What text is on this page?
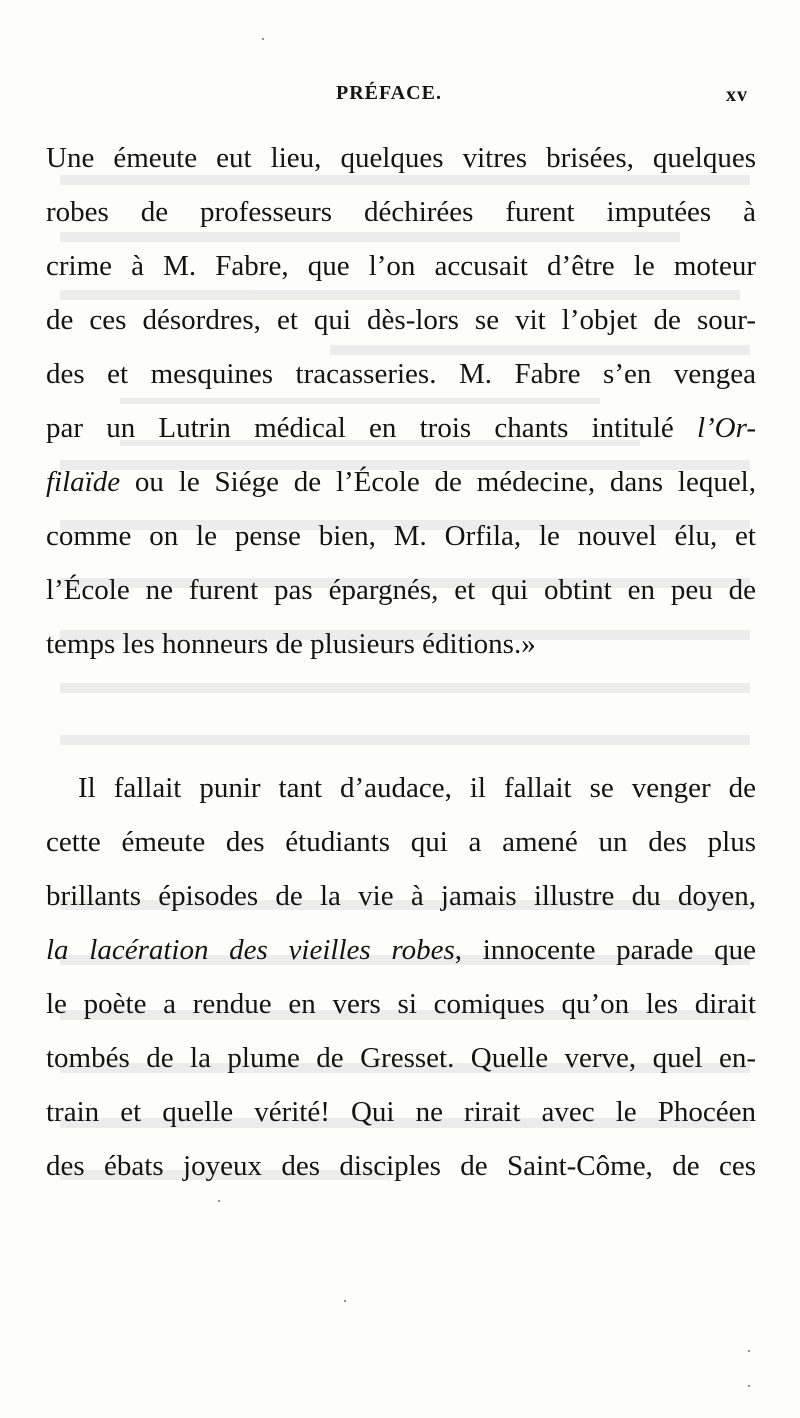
PRÉFACE.	xv
Une émeute eut lieu, quelques vitres brisées, quelques
robes de professeurs déchirées furent imputées à
crime à M. Fabre, que l’on accusait d’être le moteur
de ces désordres, et qui dès-lors se vit l’objet de sour-
des et mesquines tracasseries. M. Fabre s’en vengea
par un Lutrin médical en trois chants intitulé l’Or-
filaïde ou le Siége de l’École de médecine, dans lequel,
comme on le pense bien, M. Orfila, le nouvel élu, et
l’École ne furent pas épargnés, et qui obtint en peu de
temps les honneurs de plusieurs éditions.»
Il fallait punir tant d’audace, il fallait se venger de
cette émeute des étudiants qui a amené un des plus
brillants épisodes de la vie à jamais illustre du doyen,
la lacération des vieilles robes, innocente parade que
le poète a rendue en vers si comiques qu’on les dirait
tombés de la plume de Gresset. Quelle verve, quel en-
train et quelle vérité! Qui ne rirait avec le Phocéen
des ébats joyeux des disciples de Saint-Côme, de ces
